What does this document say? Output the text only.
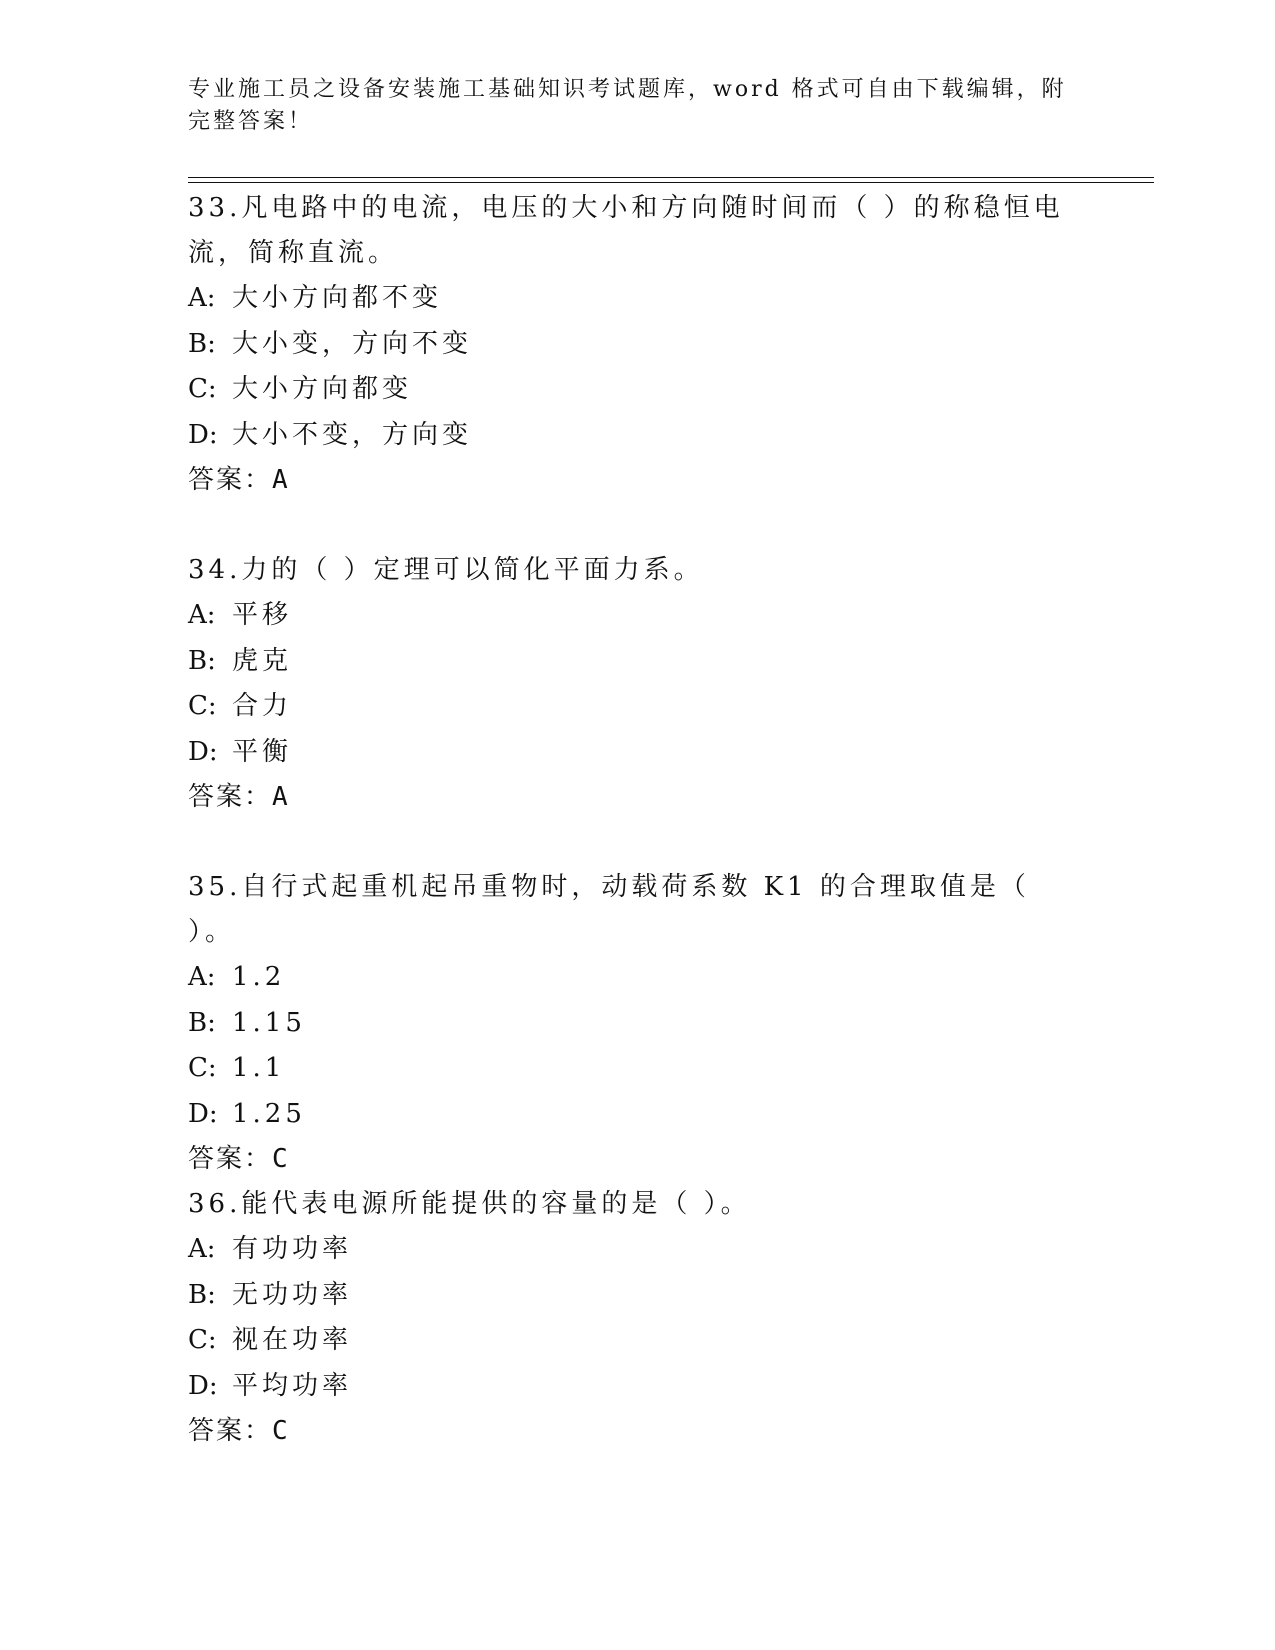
专业施工员之设备安装施工基础知识考试题库，word 格式可自由下载编辑，附完整答案！

33.凡电路中的电流，电压的大小和方向随时间而（ ）的称稳恒电流，简称直流。

A: 大小方向都不变

B: 大小变，方向不变

C: 大小方向都变

D: 大小不变，方向变

答案：A

34.力的（ ）定理可以简化平面力系。

A: 平移

B: 虎克

C: 合力

D: 平衡

答案：A

35.自行式起重机起吊重物时，动载荷系数 K1 的合理取值是（ ）。

A: 1.2

B: 1.15

C: 1.1

D: 1.25

答案：C

36.能代表电源所能提供的容量的是（ ）。

A: 有功功率

B: 无功功率

C: 视在功率

D: 平均功率

答案：C
